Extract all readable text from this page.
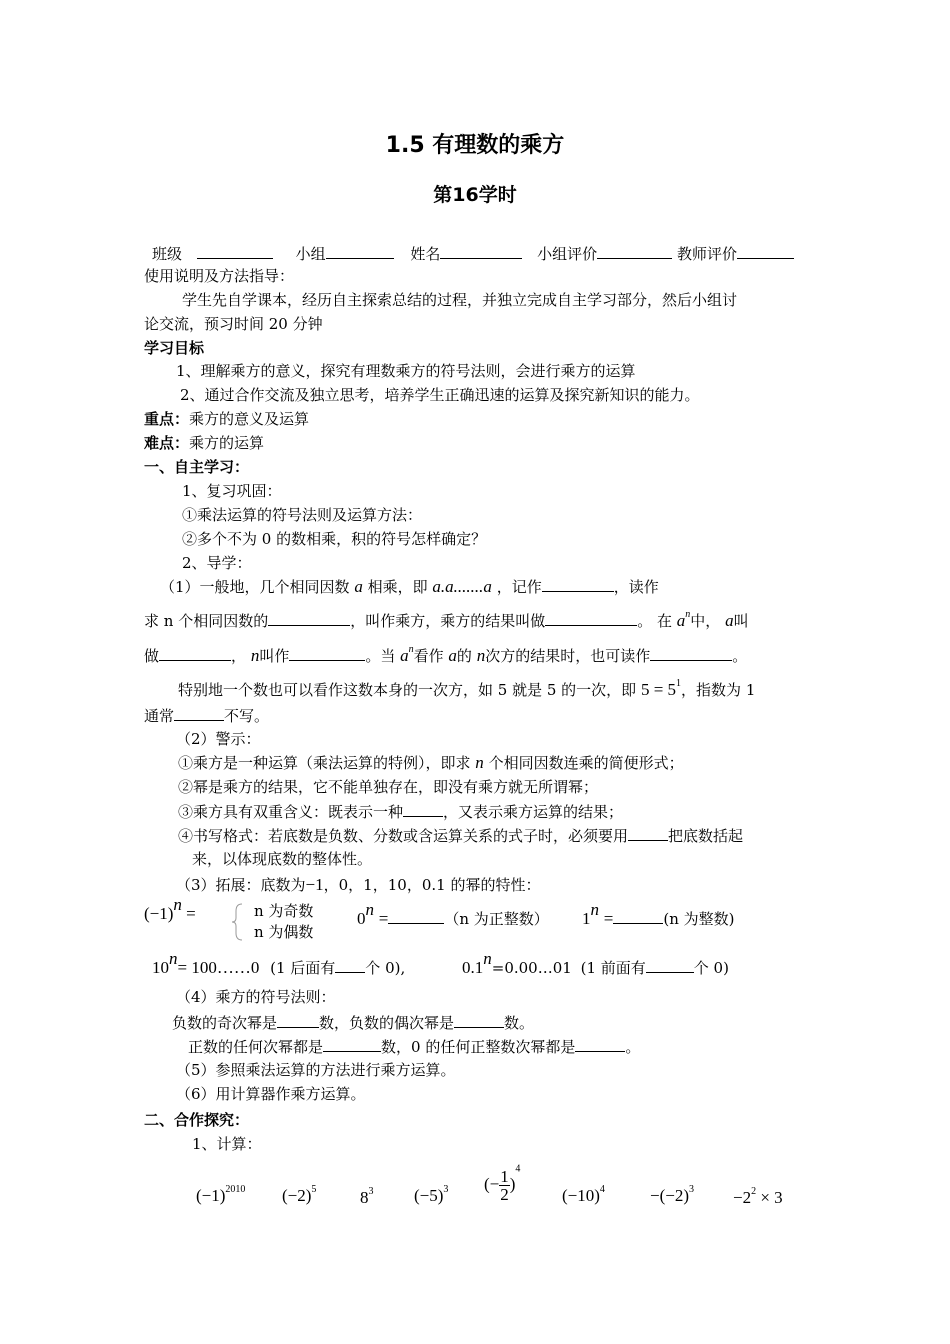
1.5 有理数的乘方
第16学时
班级	小组	姓名	小组评价	教师评价
使用说明及方法指导：
学生先自学课本，经历自主探索总结的过程，并独立完成自主学习部分，然后小组讨
论交流，预习时间 20 分钟
学习目标
1、理解乘方的意义，探究有理数乘方的符号法则，会进行乘方的运算
2、通过合作交流及独立思考，培养学生正确迅速的运算及探究新知识的能力。
重点：乘方的意义及运算
难点：乘方的运算
一、自主学习：
1、复习巩固：
①乘法运算的符号法则及运算方法：
②多个不为 0 的数相乘，积的符号怎样确定？
2、导学：
（1）一般地，几个相同因数 a 相乘，即 a.a.......a ，记作	，读作
求 n 个相同因数的	，叫作乘方，乘方的结果叫做	。 在 $a^n$中， a叫
做	， n叫作	。当 $a^n$看作 a的 n次方的结果时，也可读作	。
特别地一个数也可以看作这数本身的一次方，如 5 就是 5 的一次，即 $5 = 5^1$，指数为 1
通常	不写。
（2）警示：
①乘方是一种运算（乘法运算的特例），即求 n 个相同因数连乘的简便形式；
②幂是乘方的结果，它不能单独存在，即没有乘方就无所谓幂；
③乘方具有双重含义：既表示一种	，又表示乘方运算的结果；
④书写格式：若底数是负数、分数或含运算关系的式子时，必须要用	把底数括起
来，以体现底数的整体性。
（3）拓展：底数为−1，0，1，10，0.1 的幂的特性：
$(-1)^n$ =	n 为奇数
n 为偶数
$0^n$ =	（n 为正整数） $1^n$ =	(n 为整数)
$10^n=$ 100……0 (1 后面有 个 0),	$0.1^n=0.00\dots 01$ (1 前面有	个 0)
（4）乘方的符号法则：
负数的奇次幂是	数，负数的偶次幂是	数。
正数的任何次幂都是	数，0 的任何正整数次幂都是	。
（5）参照乘法运算的方法进行乘方运算。
（6）用计算器作乘方运算。
二、合作探究：
1、计算：
$(-1)^{2010}$ $(-2)^5$	$8^3$ $(-5)^3$ (− $\frac{1}{2} )^4$
$(-10)^4$	$-(-2)^3 -2^2 \times 3$
